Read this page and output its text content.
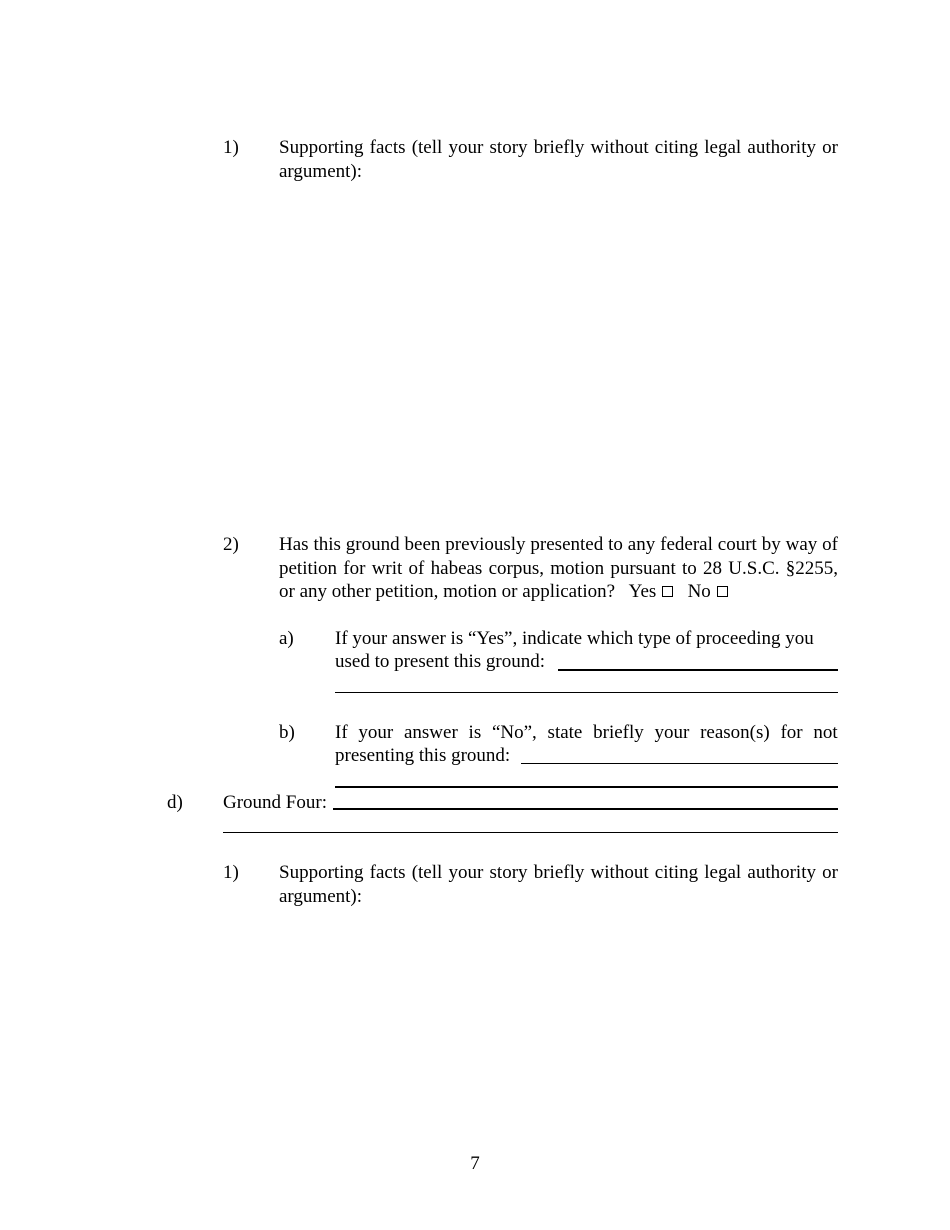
1) Supporting facts (tell your story briefly without citing legal authority or argument):
2) Has this ground been previously presented to any federal court by way of petition for writ of habeas corpus, motion pursuant to 28 U.S.C. §2255, or any other petition, motion or application? Yes No
a) If your answer is “Yes”, indicate which type of proceeding you
used to present this ground:
b) If your answer is “No”, state briefly your reason(s) for not
presenting this ground:
d) Ground Four:
1) Supporting facts (tell your story briefly without citing legal authority or argument):
7
